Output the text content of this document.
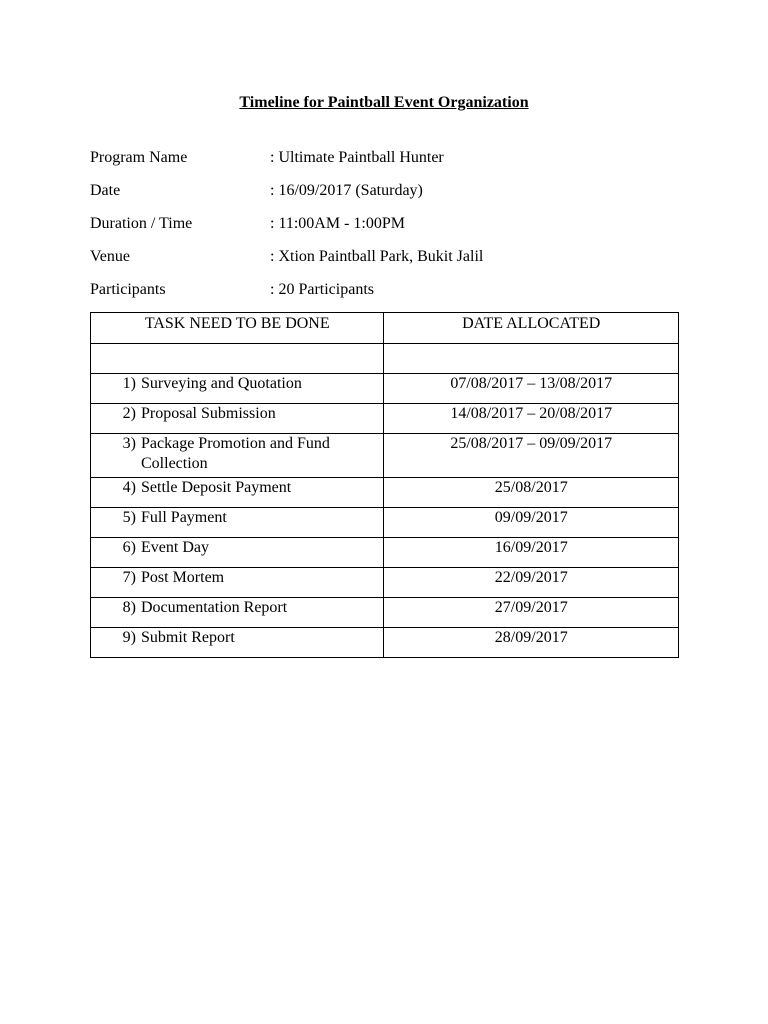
Timeline for Paintball Event Organization
Program Name	: Ultimate Paintball Hunter
Date	: 16/09/2017 (Saturday)
Duration / Time	: 11:00AM - 1:00PM
Venue	: Xtion Paintball Park, Bukit Jalil
Participants	: 20 Participants
TASK NEED TO BE DONE	DATE ALLOCATED

1) Surveying and Quotation	07/08/2017 – 13/08/2017

2) Proposal Submission	14/08/2017 – 20/08/2017

3) Package Promotion and Fund Collection	25/08/2017 – 09/09/2017

4) Settle Deposit Payment	25/08/2017

5) Full Payment	09/09/2017

6) Event Day	16/09/2017

7) Post Mortem	22/09/2017

8) Documentation Report	27/09/2017

9) Submit Report	28/09/2017
